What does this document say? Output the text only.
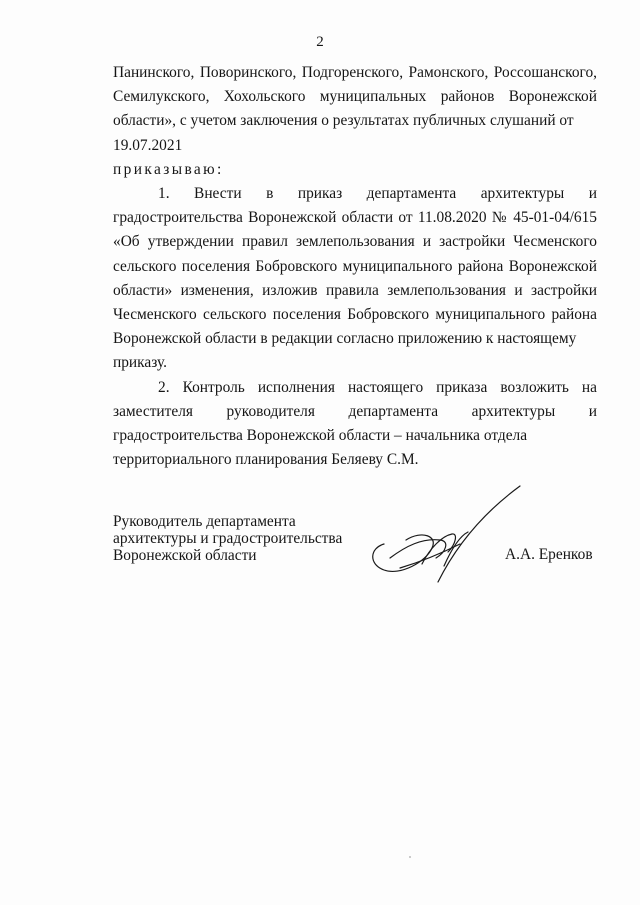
2

Панинского, Поворинского, Подгоренского, Рамонского, Россошанского, Семилукского, Хохольского муниципальных районов Воронежской области», с учетом заключения о результатах публичных слушаний от

19.07.2021

приказываю:

1. Внести в приказ департамента архитектуры и градостроительства Воронежской области от 11.08.2020 № 45-01-04/615 «Об утверждении правил землепользования и застройки Чесменского сельского поселения Бобровского муниципального района Воронежской области» изменения, изложив правила землепользования и застройки Чесменского сельского поселения Бобровского муниципального района Воронежской области в редакции согласно приложению к настоящему

приказу.

2. Контроль исполнения настоящего приказа возложить на заместителя руководителя департамента архитектуры и градостроительства Воронежской области – начальника отдела

территориального планирования Беляеву С.М.

Руководитель департамента
архитектуры и градостроительства
Воронежской области	А.А. Еренков
